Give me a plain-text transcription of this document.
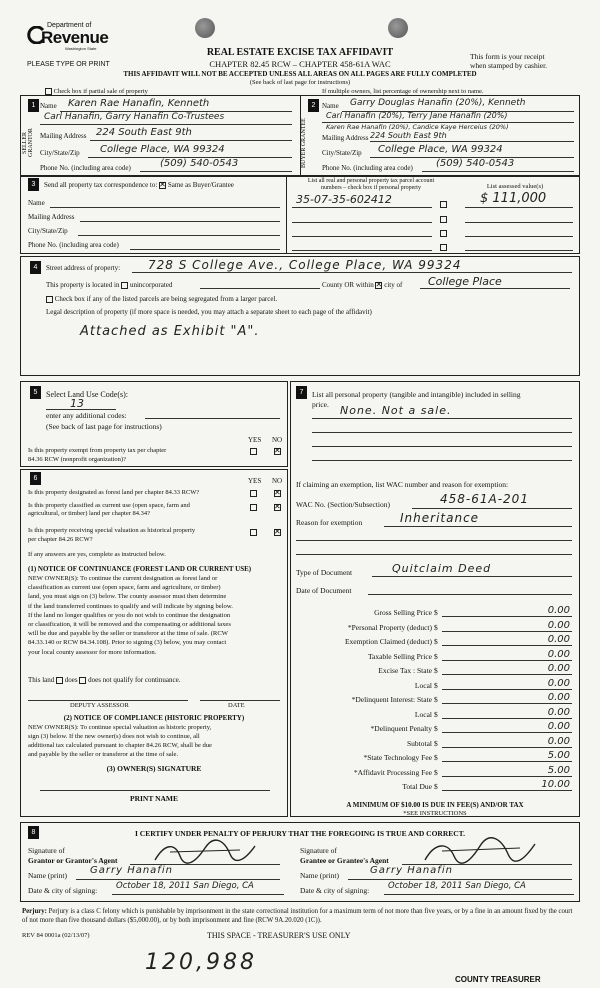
Department of
Revenue
Washington State
PLEASE TYPE OR PRINT
REAL ESTATE EXCISE TAX AFFIDAVIT
CHAPTER 82.45 RCW – CHAPTER 458-61A WAC
THIS AFFIDAVIT WILL NOT BE ACCEPTED UNLESS ALL AREAS ON ALL PAGES ARE FULLY COMPLETED
(See back of last page for instructions)
This form is your receipt
when stamped by cashier.
Check box if partial sale of property	If multiple owners, list percentage of ownership next to name.
1
SELLER GRANTOR
Name Karen Rae Hanafin, Kenneth
Carl Hanafin, Garry Hanafin Co-Trustees
Mailing Address 224 South East 9th
City/State/Zip College Place, WA 99324
Phone No. (including area code)	(509) 540-0543
2
BUYER GRANTEE
Name Garry Douglas Hanafin (20%), Kenneth
Carl Hanafin (20%), Terry Jane Hanafin (20%)
Karen Rae Hanafin (20%), Candice Kaye Herceius (20%)
Mailing Address 224 South East 9th
City/State/Zip College Place, WA 99324
Phone No. (including area code) (509) 540-0543
3	Send all property tax correspondence to: ✕ Same as Buyer/Grantee
Name
Mailing Address
City/State/Zip
Phone No. (including area code)
List all real and personal property tax parcel account
numbers – check box if personal property	List assessed value(s)
35-07-35-602412	$ 111,000
4	Street address of property: 728 S College Ave., College Place, WA 99324
This property is located in unincorporated	County OR within ✕ city of College Place
Check box if any of the listed parcels are being segregated from a larger parcel.
Legal description of property (if more space is needed, you may attach a separate sheet to each page of the affidavit)
Attached as Exhibit "A".
5	Select Land Use Code(s):
13
enter any additional codes:
(See back of last page for instructions)
YES NO
Is this property exempt from property tax per chapter
84.36 RCW (nonprofit organization)?
✕
6	YES NO
Is this property designated as forest land per chapter 84.33 RCW?
✕
Is this property classified as current use (open space, farm and
agricultural, or timber) land per chapter 84.34?
✕
Is this property receiving special valuation as historical property
per chapter 84.26 RCW?
✕
If any answers are yes, complete as instructed below.
(1) NOTICE OF CONTINUANCE (FOREST LAND OR CURRENT USE)
NEW OWNER(S): To continue the current designation as forest land or
classification as current use (open space, farm and agriculture, or timber)
land, you must sign on (3) below. The county assessor must then determine
if the land transferred continues to qualify and will indicate by signing below.
If the land no longer qualifies or you do not wish to continue the designation
or classification, it will be removed and the compensating or additional taxes
will be due and payable by the seller or transferor at the time of sale. (RCW
84.33.140 or RCW 84.34.108). Prior to signing (3) below, you may contact
your local county assessor for more information.
This land does does not qualify for continuance.
DEPUTY ASSESSOR	DATE
(2) NOTICE OF COMPLIANCE (HISTORIC PROPERTY)
NEW OWNER(S): To continue special valuation as historic property,
sign (3) below. If the new owner(s) does not wish to continue, all
additional tax calculated pursuant to chapter 84.26 RCW, shall be due
and payable by the seller or transferor at the time of sale.
(3) OWNER(S) SIGNATURE
PRINT NAME
7	List all personal property (tangible and intangible) included in selling
price. None. Not a sale.
If claiming an exemption, list WAC number and reason for exemption:
WAC No. (Section/Subsection)	458-61A-201
Reason for exemption	Inheritance
Type of Document	Quitclaim Deed
Date of Document
Gross Selling Price $	0.00
*Personal Property (deduct) $	0.00
Exemption Claimed (deduct) $	0.00
Taxable Selling Price $	0.00
Excise Tax : State $	0.00
Local $	0.00
*Delinquent Interest: State $	0.00
Local $	0.00
*Delinquent Penalty $	0.00
Subtotal $	0.00
*State Technology Fee $	5.00
*Affidavit Processing Fee $	5.00
Total Due $	10.00
A MINIMUM OF $10.00 IS DUE IN FEE(S) AND/OR TAX
*SEE INSTRUCTIONS
8	I CERTIFY UNDER PENALTY OF PERJURY THAT THE FOREGOING IS TRUE AND CORRECT.
Signature of
Grantor or Grantor's Agent
Name (print) Garry Hanafin
Date & city of signing: October 18, 2011 San Diego, CA
Signature of
Grantee or Grantee's Agent
Name (print)	Garry Hanafin
Date & city of signing: October 18, 2011 San Diego, CA
Perjury: Perjury is a class C felony which is punishable by imprisonment in the state correctional institution for a maximum term of not more than five years, or by a fine in an amount fixed by the court of not more than five thousand dollars ($5,000.00), or by both imprisonment and fine (RCW 9A.20.020 (1C)).
REV 84 0001a (02/13/07)	THIS SPACE - TREASURER'S USE ONLY
120,988
COUNTY TREASURER
